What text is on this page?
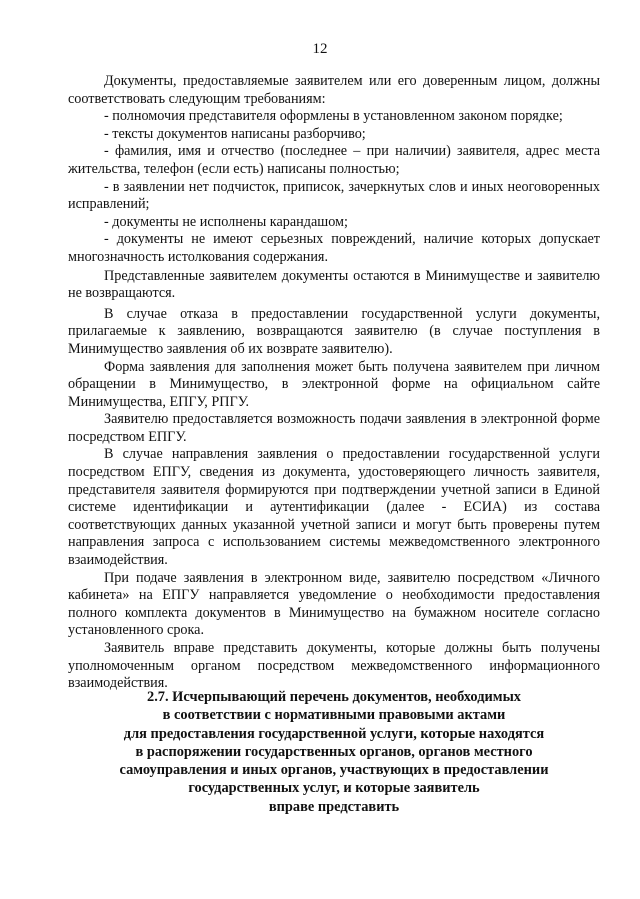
12

Документы, предоставляемые заявителем или его доверенным лицом, должны соответствовать следующим требованиям:

- полномочия представителя оформлены в установленном законом порядке;

- тексты документов написаны разборчиво;

- фамилия, имя и отчество (последнее – при наличии) заявителя, адрес места жительства, телефон (если есть) написаны полностью;

- в заявлении нет подчисток, приписок, зачеркнутых слов и иных неоговоренных исправлений;

- документы не исполнены карандашом;

- документы не имеют серьезных повреждений, наличие которых допускает многозначность истолкования содержания.

Представленные заявителем документы остаются в Минимуществе и заявителю не возвращаются.

В случае отказа в предоставлении государственной услуги документы, прилагаемые к заявлению, возвращаются заявителю (в случае поступления в Минимущество заявления об их возврате заявителю).

Форма заявления для заполнения может быть получена заявителем при личном обращении в Минимущество, в электронной форме на официальном сайте Минимущества, ЕПГУ, РПГУ.

Заявителю предоставляется возможность подачи заявления в электронной форме посредством ЕПГУ.

В случае направления заявления о предоставлении государственной услуги посредством ЕПГУ, сведения из документа, удостоверяющего личность заявителя, представителя заявителя формируются при подтверждении учетной записи в Единой системе идентификации и аутентификации (далее - ЕСИА) из состава соответствующих данных указанной учетной записи и могут быть проверены путем направления запроса с использованием системы межведомственного электронного взаимодействия.

При подаче заявления в электронном виде, заявителю посредством «Личного кабинета» на ЕПГУ направляется уведомление о необходимости предоставления полного комплекта документов в Минимущество на бумажном носителе согласно установленного срока.

Заявитель вправе представить документы, которые должны быть получены уполномоченным органом посредством межведомственного информационного взаимодействия.

2.7. Исчерпывающий перечень документов, необходимых
в соответствии с нормативными правовыми актами
для предоставления государственной услуги, которые находятся
в распоряжении государственных органов, органов местного
самоуправления и иных органов, участвующих в предоставлении
государственных услуг, и которые заявитель
вправе представить
